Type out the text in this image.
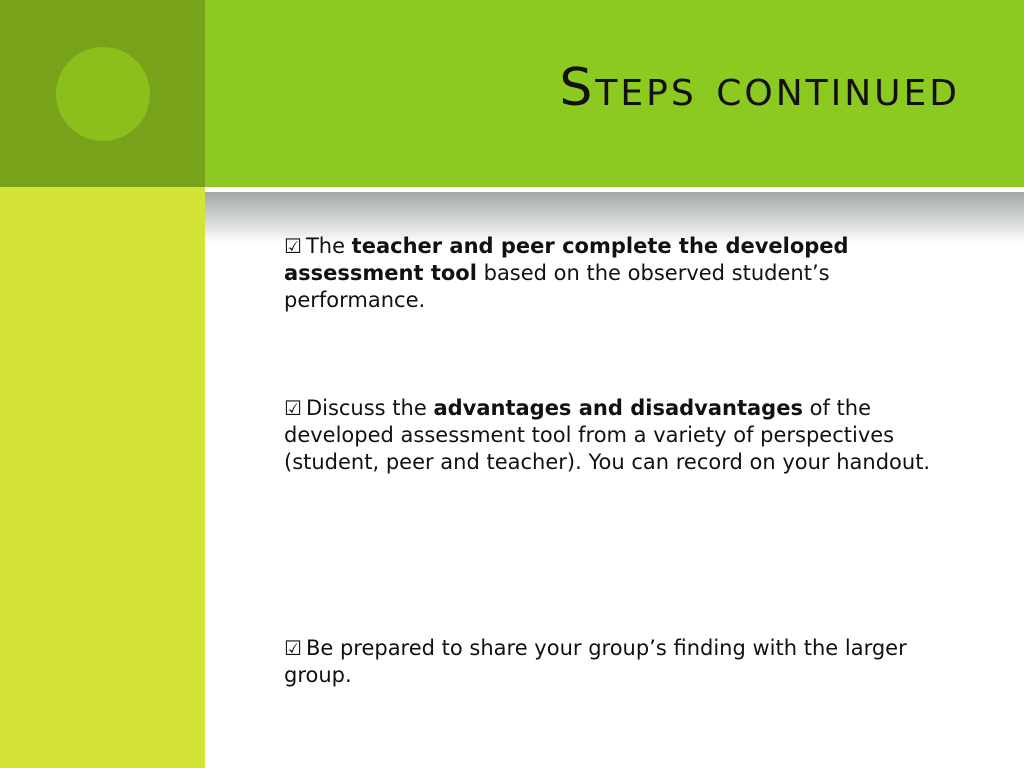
Steps continued
☑ The teacher and peer complete the developed assessment tool based on the observed student’s performance.
☑ Discuss the advantages and disadvantages of the developed assessment tool from a variety of perspectives (student, peer and teacher). You can record on your handout.
☑ Be prepared to share your group’s finding with the larger group.
